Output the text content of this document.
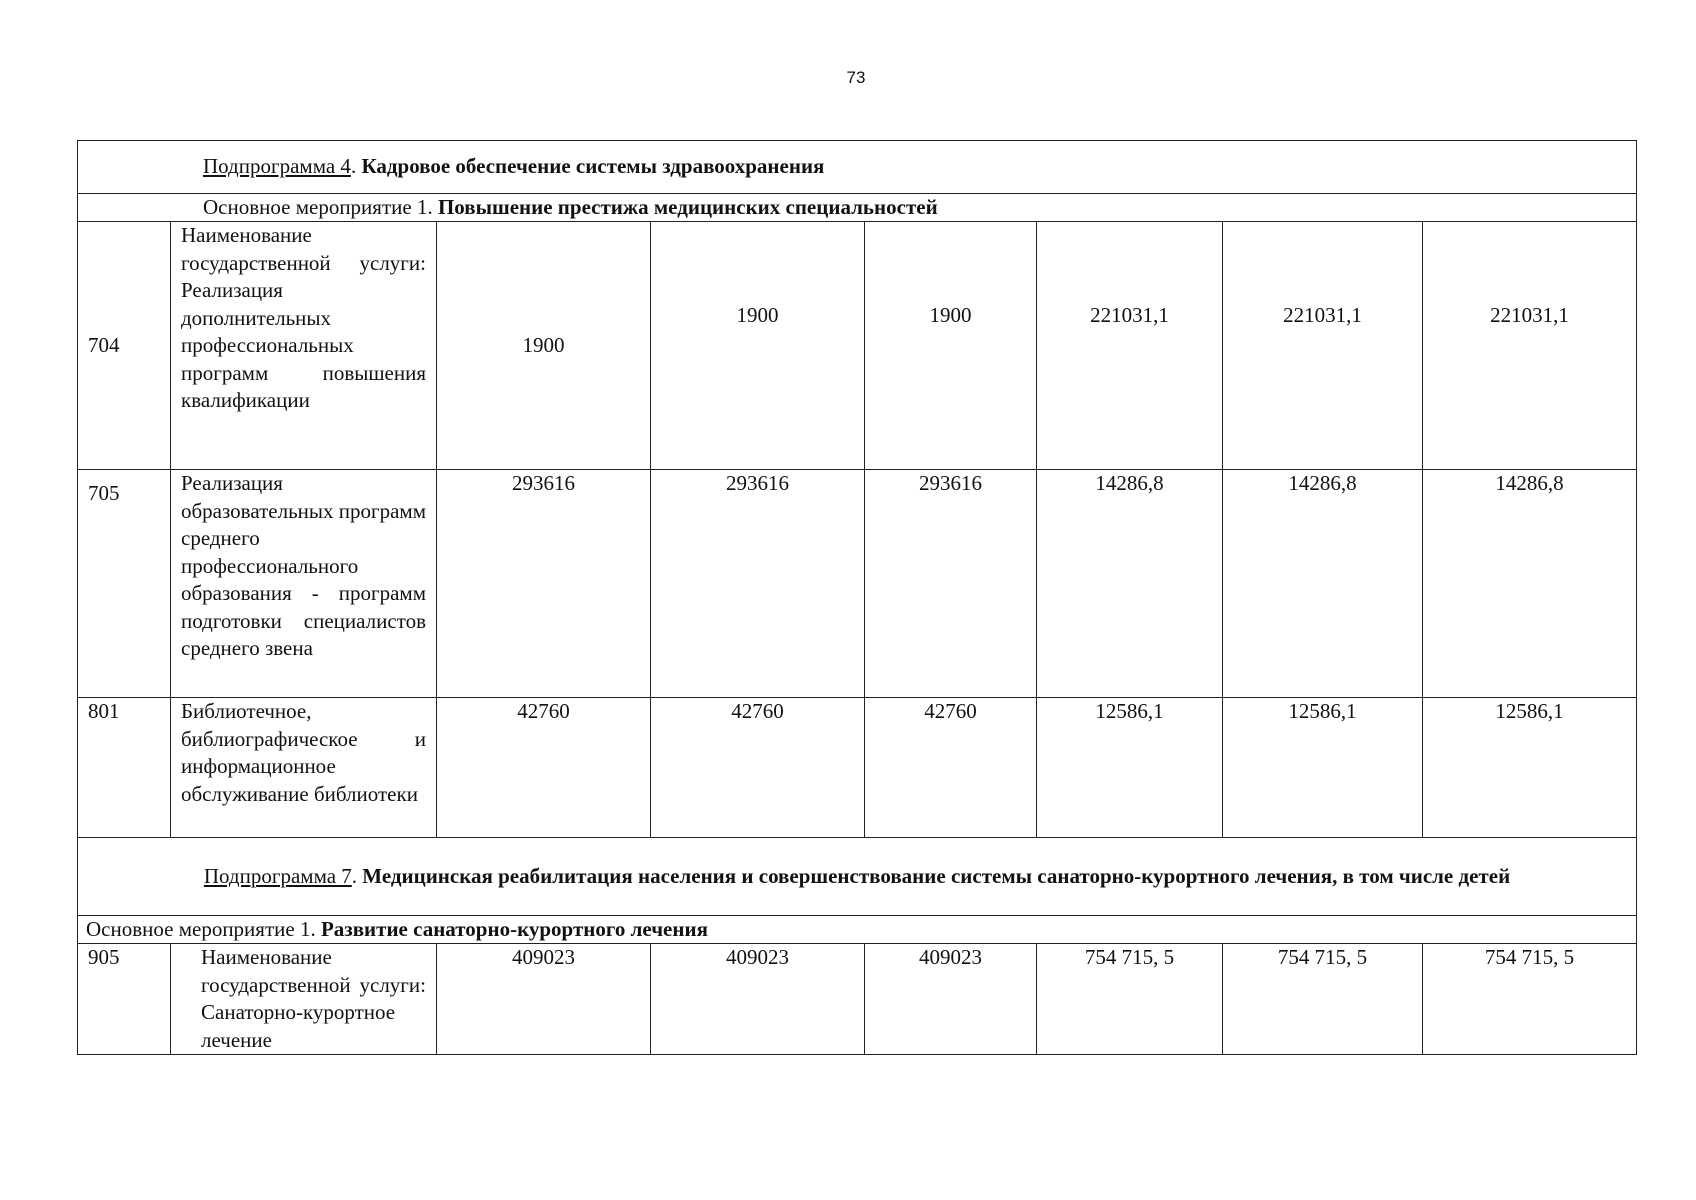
73
Подпрограмма 4. Кадровое обеспечение системы здравоохранения							
Основное мероприятие 1. Повышение престижа медицинских специальностей							
704	Наименование государственной услуги: Реализация дополнительных профессиональных программ повышения квалификации	1900	1900	1900	221031,1	221031,1	221031,1
705	Реализация образовательных программ среднего профессионального образования - программ подготовки специалистов среднего звена	293616	293616	293616	14286,8	14286,8	14286,8
801	Библиотечное, библиографическое и информационное обслуживание библиотеки	42760	42760	42760	12586,1	12586,1	12586,1
Подпрограмма 7. Медицинская реабилитация населения и совершенствование системы санаторно-курортного лечения, в том числе детей							
Основное мероприятие 1. Развитие санаторно-курортного лечения							
905	Наименование государственной услуги: Санаторно-курортное лечение	409023	409023	409023	754 715, 5	754 715, 5	754 715, 5
